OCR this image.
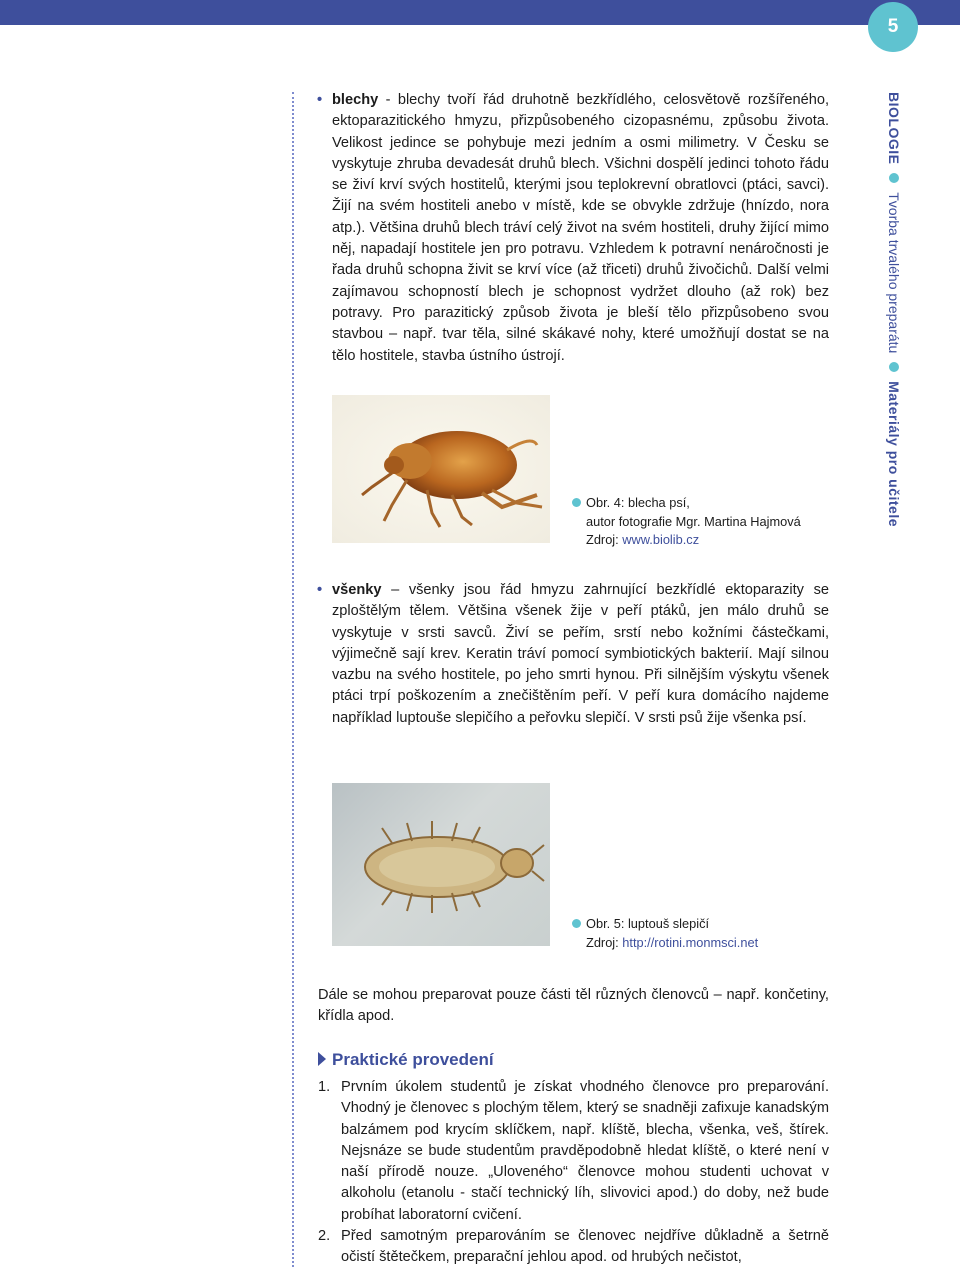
5
BIOLOGIE  Tvorba trvalého preparátu  Materiály pro učitele
• blechy - blechy tvoří řád druhotně bezkřídlého, celosvětově rozšířeného, ektoparazitického hmyzu, přizpůsobeného cizopasnému, způsobu života. Velikost jedince se pohybuje mezi jedním a osmi milimetry. V Česku se vyskytuje zhruba devadesát druhů blech. Všichni dospělí jedinci tohoto řádu se živí krví svých hostitelů, kterými jsou teplokrevní obratlovci (ptáci, savci). Žijí na svém hostiteli anebo v místě, kde se obvykle zdržuje (hnízdo, nora atp.). Většina druhů blech tráví celý život na svém hostiteli, druhy žijící mimo něj, napadají hostitele jen pro potravu. Vzhledem k potravní nenáročnosti je řada druhů schopna živit se krví více (až třiceti) druhů živočichů. Další velmi zajímavou schopností blech je schopnost vydržet dlouho (až rok) bez potravy. Pro parazitický způsob života je bleší tělo přizpůsobeno svou stavbou – např. tvar těla, silné skákavé nohy, které umožňují dostat se na tělo hostitele, stavba ústního ústrojí.
Obr. 4: blecha psí,
autor fotografie Mgr. Martina Hajmová
Zdroj: www.biolib.cz
• všenky – všenky jsou řád hmyzu zahrnující bezkřídlé ektoparazity se zploštělým tělem. Většina všenek žije v peří ptáků, jen málo druhů se vyskytuje v srsti savců. Živí se peřím, srstí nebo kožními částečkami, výjimečně sají krev. Keratin tráví pomocí symbiotických bakterií. Mají silnou vazbu na svého hostitele, po jeho smrti hynou. Při silnějším výskytu všenek ptáci trpí poškozením a znečištěním peří. V peří kura domácího najdeme například luptouše slepičího a peřovku slepičí. V srsti psů žije všenka psí.
Obr. 5: luptouš slepičí
Zdroj: http://rotini.monmsci.net
Dále se mohou preparovat pouze části těl různých členovců – např. končetiny, křídla apod.
Praktické provedení
1. Prvním úkolem studentů je získat vhodného členovce pro preparování. Vhodný je členovec s plochým tělem, který se snadněji zafixuje kanadským balzámem pod krycím sklíčkem, např. klíště, blecha, všenka, veš, štírek. Nejsnáze se bude studentům pravděpodobně hledat klíště, o které není v naší přírodě nouze. „Uloveného“ členovce mohou studenti uchovat v alkoholu (etanolu - stačí technický líh, slivovici apod.) do doby, než bude probíhat laboratorní cvičení.
2. Před samotným preparováním se členovec nejdříve důkladně a šetrně očistí štětečkem, preparační jehlou apod. od hrubých nečistot,
